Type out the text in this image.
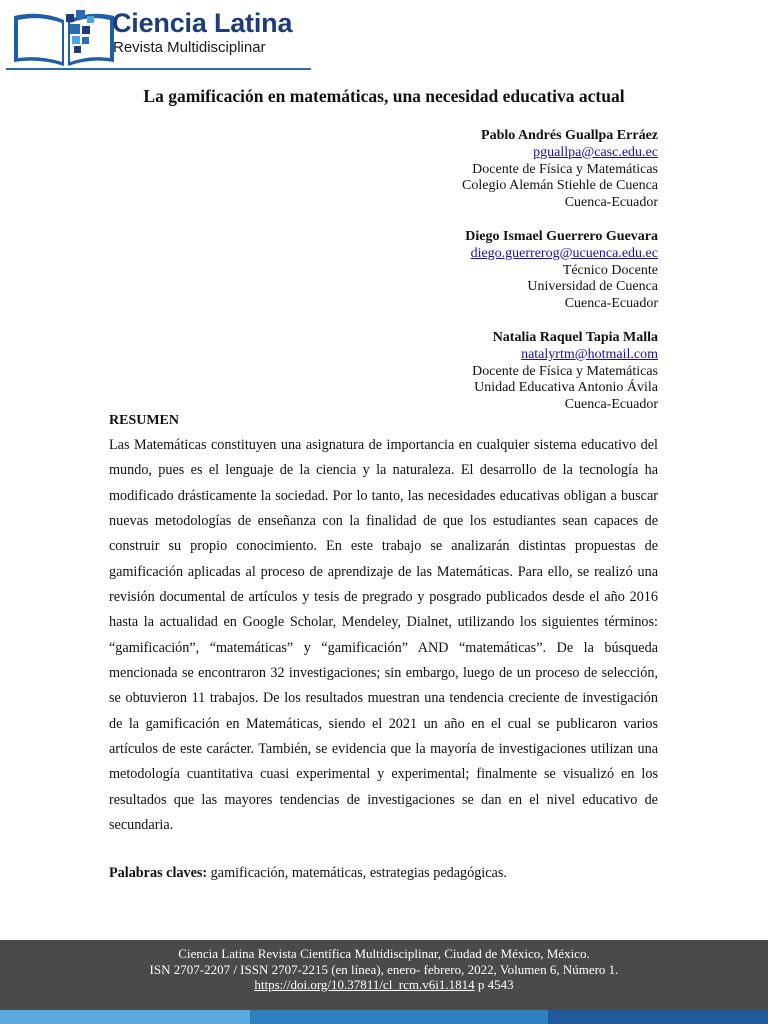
Ciencia Latina
Revista Multidisciplinar
La gamificación en matemáticas, una necesidad educativa actual
Pablo Andrés Guallpa Erráez
pguallpa@casc.edu.ec
Docente de Física y Matemáticas
Colegio Alemán Stiehle de Cuenca
Cuenca-Ecuador
Diego Ismael Guerrero Guevara
diego.guerrerog@ucuenca.edu.ec
Técnico Docente
Universidad de Cuenca
Cuenca-Ecuador
Natalia Raquel Tapia Malla
natalyrtm@hotmail.com
Docente de Física y Matemáticas
Unidad Educativa Antonio Ávila
Cuenca-Ecuador
RESUMEN
Las Matemáticas constituyen una asignatura de importancia en cualquier sistema educativo del mundo, pues es el lenguaje de la ciencia y la naturaleza. El desarrollo de la tecnología ha modificado drásticamente la sociedad. Por lo tanto, las necesidades educativas obligan a buscar nuevas metodologías de enseñanza con la finalidad de que los estudiantes sean capaces de construir su propio conocimiento. En este trabajo se analizarán distintas propuestas de gamificación aplicadas al proceso de aprendizaje de las Matemáticas. Para ello, se realizó una revisión documental de artículos y tesis de pregrado y posgrado publicados desde el año 2016 hasta la actualidad en Google Scholar, Mendeley, Dialnet, utilizando los siguientes términos: “gamificación”, “matemáticas” y “gamificación” AND “matemáticas”. De la búsqueda mencionada se encontraron 32 investigaciones; sin embargo, luego de un proceso de selección, se obtuvieron 11 trabajos. De los resultados muestran una tendencia creciente de investigación de la gamificación en Matemáticas, siendo el 2021 un año en el cual se publicaron varios artículos de este carácter. También, se evidencia que la mayoría de investigaciones utilizan una metodología cuantitativa cuasi experimental y experimental; finalmente se visualizó en los resultados que las mayores tendencias de investigaciones se dan en el nivel educativo de secundaria.
Palabras claves: gamificación, matemáticas, estrategias pedagógicas.
Ciencia Latina Revista Científica Multidisciplinar, Ciudad de México, México.
ISN 2707-2207 / ISSN 2707-2215 (en línea), enero- febrero, 2022, Volumen 6, Número 1.
https://doi.org/10.37811/cl_rcm.v6i1.1814 p 4543
